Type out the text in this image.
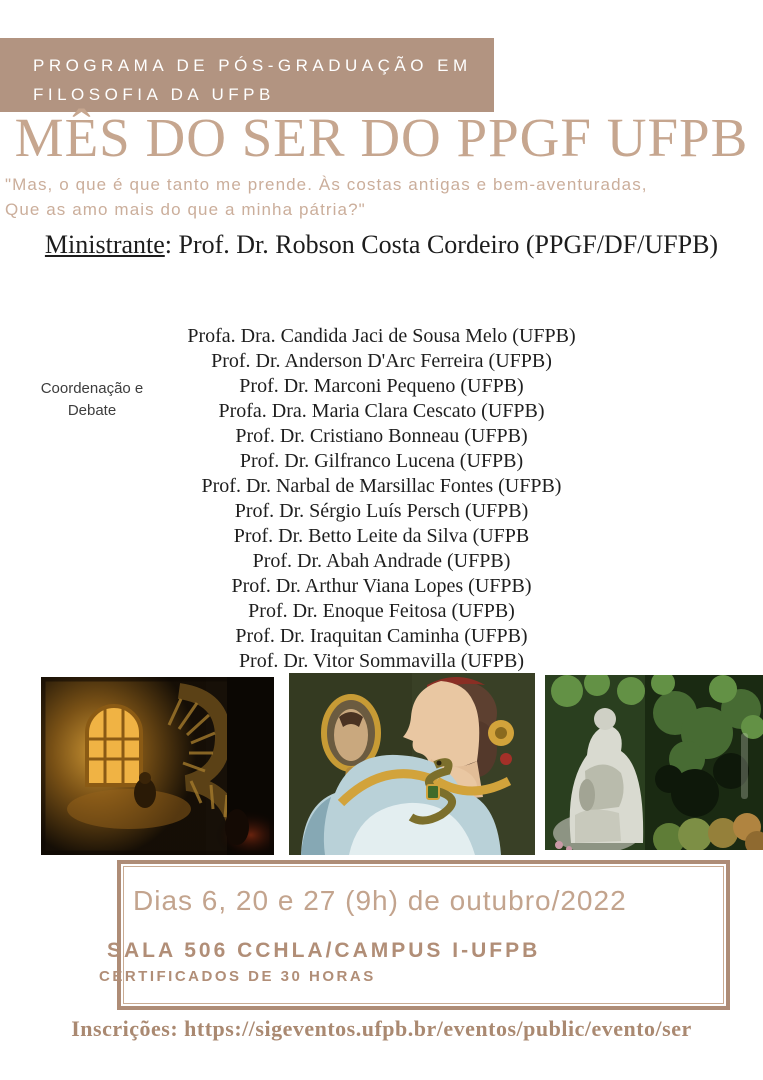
PROGRAMA DE PÓS-GRADUAÇÃO EM
FILOSOFIA DA UFPB
MÊS DO SER DO PPGF UFPB
"Mas, o que é que tanto me prende. Às costas antigas e bem-aventuradas,
Que as amo mais do que a minha pátria?"
Ministrante: Prof. Dr. Robson Costa Cordeiro (PPGF/DF/UFPB)
Coordenação e
Debate
Profa. Dra. Candida Jaci de Sousa Melo (UFPB)
Prof. Dr. Anderson D'Arc Ferreira (UFPB)
Prof. Dr. Marconi Pequeno (UFPB)
Profa. Dra. Maria Clara Cescato (UFPB)
Prof. Dr. Cristiano Bonneau (UFPB)
Prof. Dr. Gilfranco Lucena (UFPB)
Prof. Dr. Narbal de Marsillac Fontes (UFPB)
Prof. Dr. Sérgio Luís Persch (UFPB)
Prof. Dr. Betto Leite da Silva (UFPB
Prof. Dr. Abah Andrade (UFPB)
Prof. Dr. Arthur Viana Lopes (UFPB)
Prof. Dr. Enoque Feitosa (UFPB)
Prof. Dr. Iraquitan Caminha (UFPB)
Prof. Dr. Vitor Sommavilla (UFPB)
Dias 6, 20 e 27 (9h) de outubro/2022
SALA 506 CCHLA/CAMPUS I-UFPB
CERTIFICADOS DE 30 HORAS
Inscrições: https://sigeventos.ufpb.br/eventos/public/evento/ser
